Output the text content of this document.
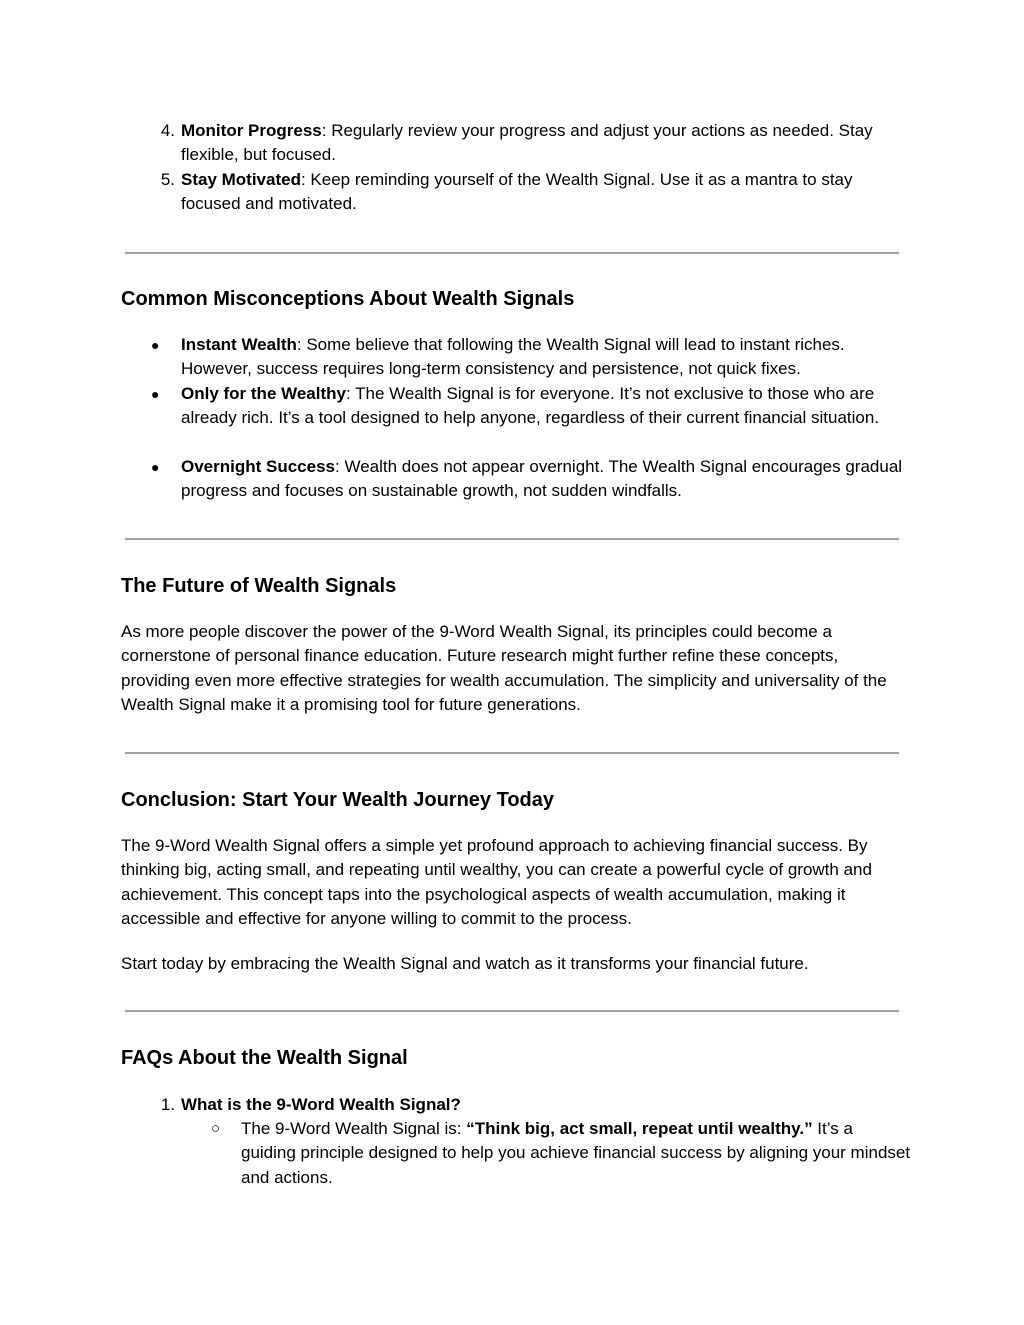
4. Monitor Progress: Regularly review your progress and adjust your actions as needed. Stay flexible, but focused.
5. Stay Motivated: Keep reminding yourself of the Wealth Signal. Use it as a mantra to stay focused and motivated.
Common Misconceptions About Wealth Signals
● Instant Wealth: Some believe that following the Wealth Signal will lead to instant riches. However, success requires long-term consistency and persistence, not quick fixes.
● Only for the Wealthy: The Wealth Signal is for everyone. It’s not exclusive to those who are already rich. It’s a tool designed to help anyone, regardless of their current financial situation.
● Overnight Success: Wealth does not appear overnight. The Wealth Signal encourages gradual progress and focuses on sustainable growth, not sudden windfalls.
The Future of Wealth Signals

As more people discover the power of the 9-Word Wealth Signal, its principles could become a cornerstone of personal finance education. Future research might further refine these concepts, providing even more effective strategies for wealth accumulation. The simplicity and universality of the Wealth Signal make it a promising tool for future generations.

Conclusion: Start Your Wealth Journey Today

The 9-Word Wealth Signal offers a simple yet profound approach to achieving financial success. By thinking big, acting small, and repeating until wealthy, you can create a powerful cycle of growth and achievement. This concept taps into the psychological aspects of wealth accumulation, making it accessible and effective for anyone willing to commit to the process.

Start today by embracing the Wealth Signal and watch as it transforms your financial future.

FAQs About the Wealth Signal
1. What is the 9-Word Wealth Signal?
○ The 9-Word Wealth Signal is: “Think big, act small, repeat until wealthy.” It’s a guiding principle designed to help you achieve financial success by aligning your mindset and actions.
